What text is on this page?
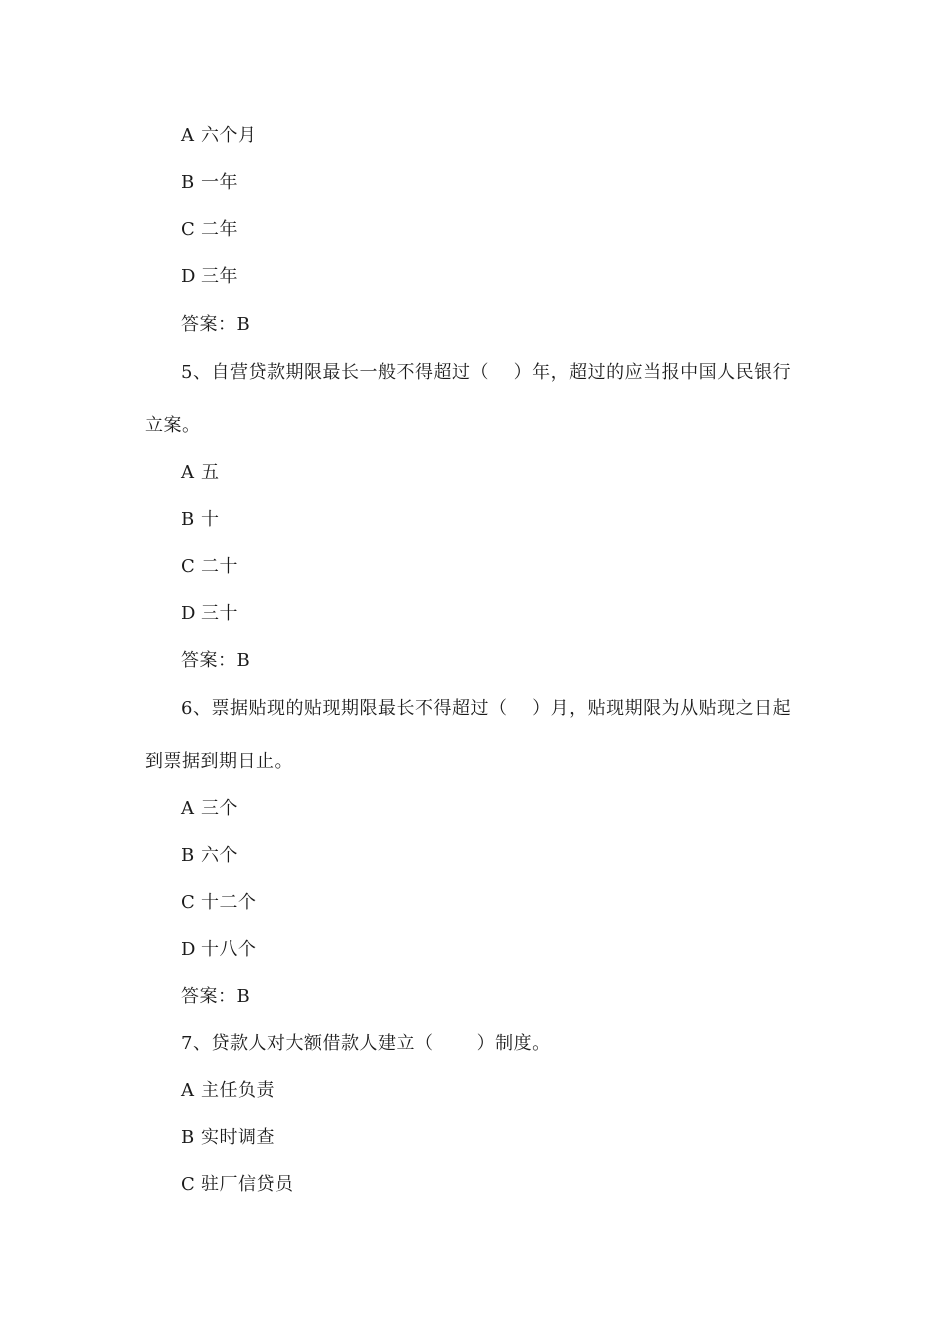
A 六个月
B 一年
C 二年
D 三年
答案：B
5、自营贷款期限最长一般不得超过（　 ）年，超过的应当报中国人民银行
立案。
A 五
B 十
C 二十
D 三十
答案：B
6、票据贴现的贴现期限最长不得超过（　 ）月，贴现期限为从贴现之日起
到票据到期日止。
A 三个
B 六个
C 十二个
D 十八个
答案：B
7、贷款人对大额借款人建立（　　 ）制度。
A 主任负责
B 实时调查
C 驻厂信贷员
